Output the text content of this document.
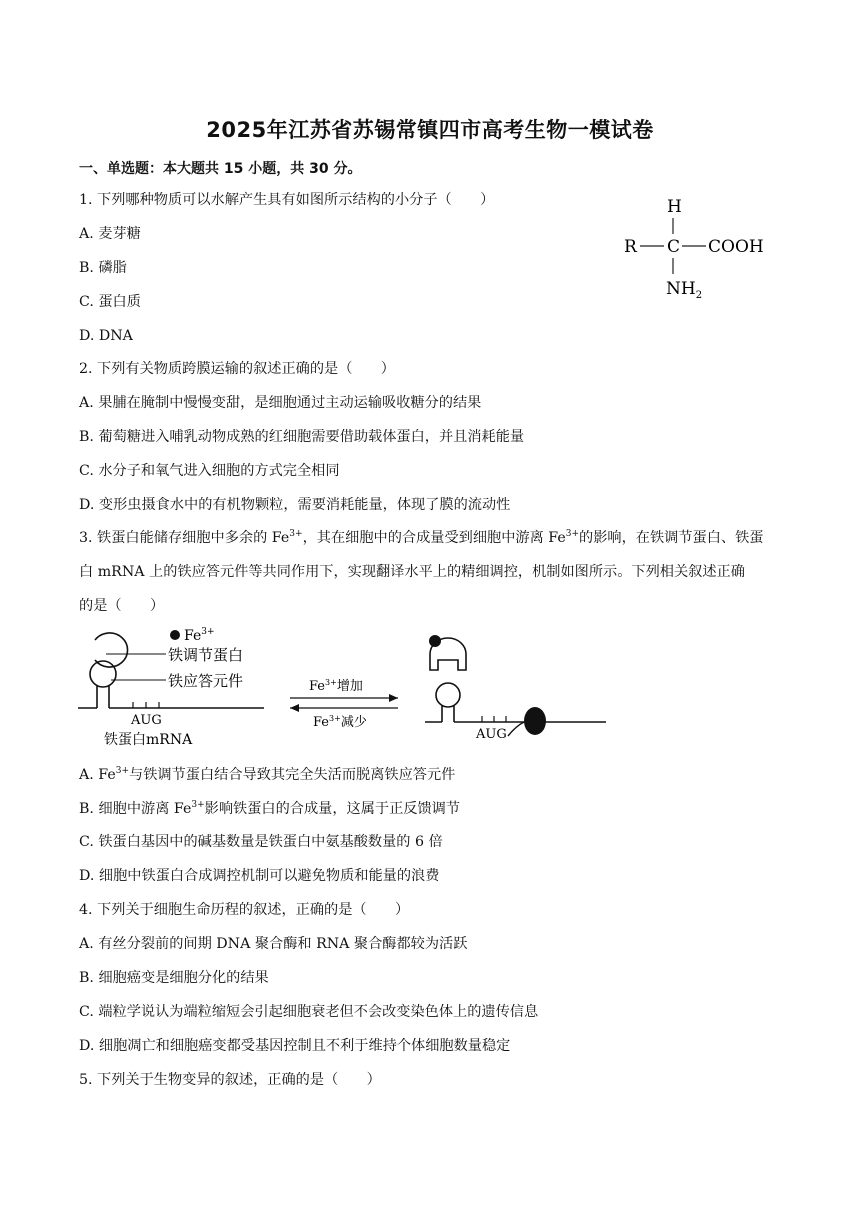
2025年江苏省苏锡常镇四市高考生物一模试卷
一、单选题：本大题共 15 小题，共 30 分。
1. 下列哪种物质可以水解产生具有如图所示结构的小分子（　　）
A. 麦芽糖
B. 磷脂
C. 蛋白质
D. DNA
H
R C COOH
$NH_2$
2. 下列有关物质跨膜运输的叙述正确的是（　　）
A. 果脯在腌制中慢慢变甜，是细胞通过主动运输吸收糖分的结果
B. 葡萄糖进入哺乳动物成熟的红细胞需要借助载体蛋白，并且消耗能量
C. 水分子和氧气进入细胞的方式完全相同
D. 变形虫摄食水中的有机物颗粒，需要消耗能量，体现了膜的流动性
3. 铁蛋白能储存细胞中多余的 $Fe^{3+}$，其在细胞中的合成量受到细胞中游离 $Fe^{3+}$的影响，在铁调节蛋白、铁蛋
白 mRNA 上的铁应答元件等共同作用下，实现翻译水平上的精细调控，机制如图所示。下列相关叙述正确
的是（　　）
$Fe^{3+}$
AUG
铁蛋白mRNA
铁调节蛋白
铁应答元件	$Fe^{3+}$增加
$Fe^{3+}$减少
AUG
A. $Fe^{3+}$与铁调节蛋白结合导致其完全失活而脱离铁应答元件
B. 细胞中游离 $Fe^{3+}$影响铁蛋白的合成量，这属于正反馈调节
C. 铁蛋白基因中的碱基数量是铁蛋白中氨基酸数量的 6 倍
D. 细胞中铁蛋白合成调控机制可以避免物质和能量的浪费
4. 下列关于细胞生命历程的叙述，正确的是（　　）
A. 有丝分裂前的间期 DNA 聚合酶和 RNA 聚合酶都较为活跃
B. 细胞癌变是细胞分化的结果
C. 端粒学说认为端粒缩短会引起细胞衰老但不会改变染色体上的遗传信息
D. 细胞凋亡和细胞癌变都受基因控制且不利于维持个体细胞数量稳定
5. 下列关于生物变异的叙述，正确的是（　　）
